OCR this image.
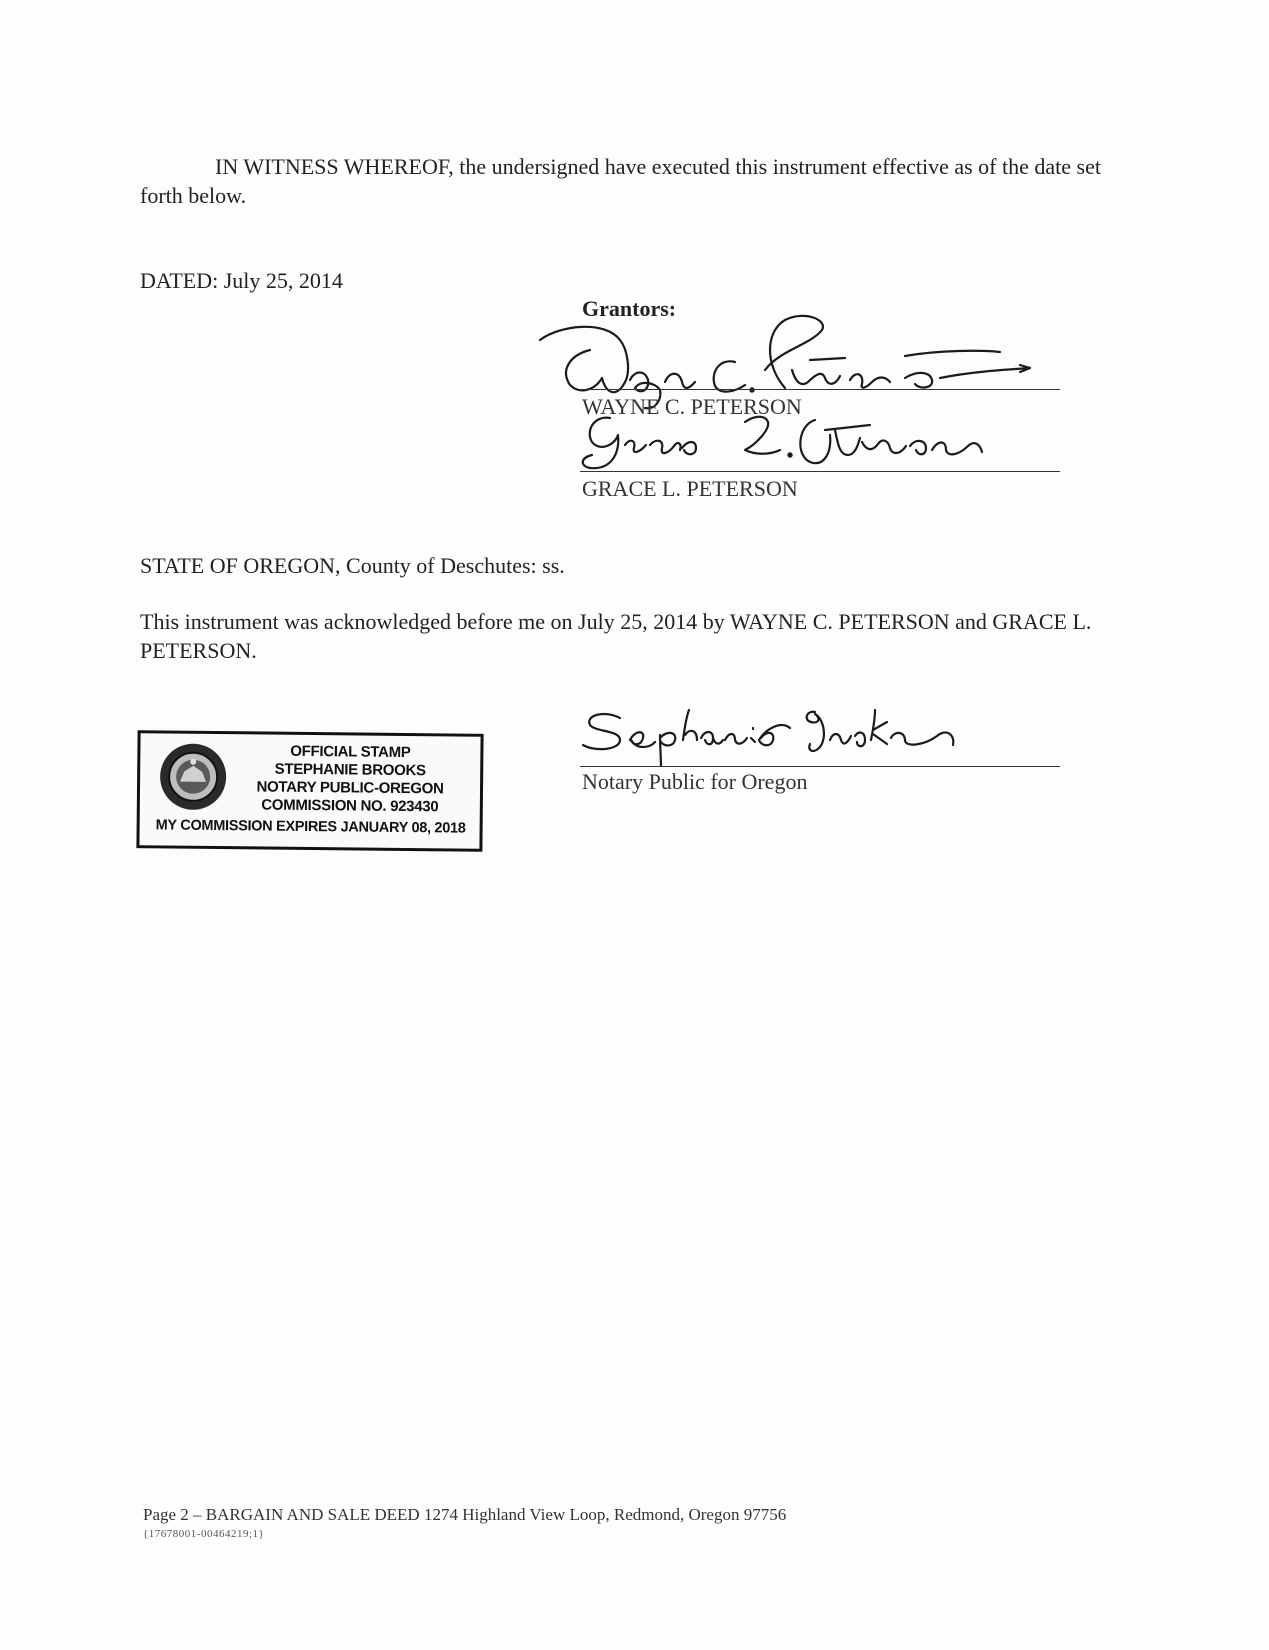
IN WITNESS WHEREOF, the undersigned have executed this instrument effective as of the date set forth below.
DATED: July 25, 2014
Grantors:
WAYNE C. PETERSON
GRACE L. PETERSON
STATE OF OREGON, County of Deschutes: ss.
This instrument was acknowledged before me on July 25, 2014 by WAYNE C. PETERSON and GRACE L. PETERSON.
OFFICIAL STAMP
STEPHANIE BROOKS
NOTARY PUBLIC-OREGON
COMMISSION NO. 923430
MY COMMISSION EXPIRES JANUARY 08, 2018
Notary Public for Oregon
Page 2 – BARGAIN AND SALE DEED 1274 Highland View Loop, Redmond, Oregon 97756
{17678001-00464219;1}
